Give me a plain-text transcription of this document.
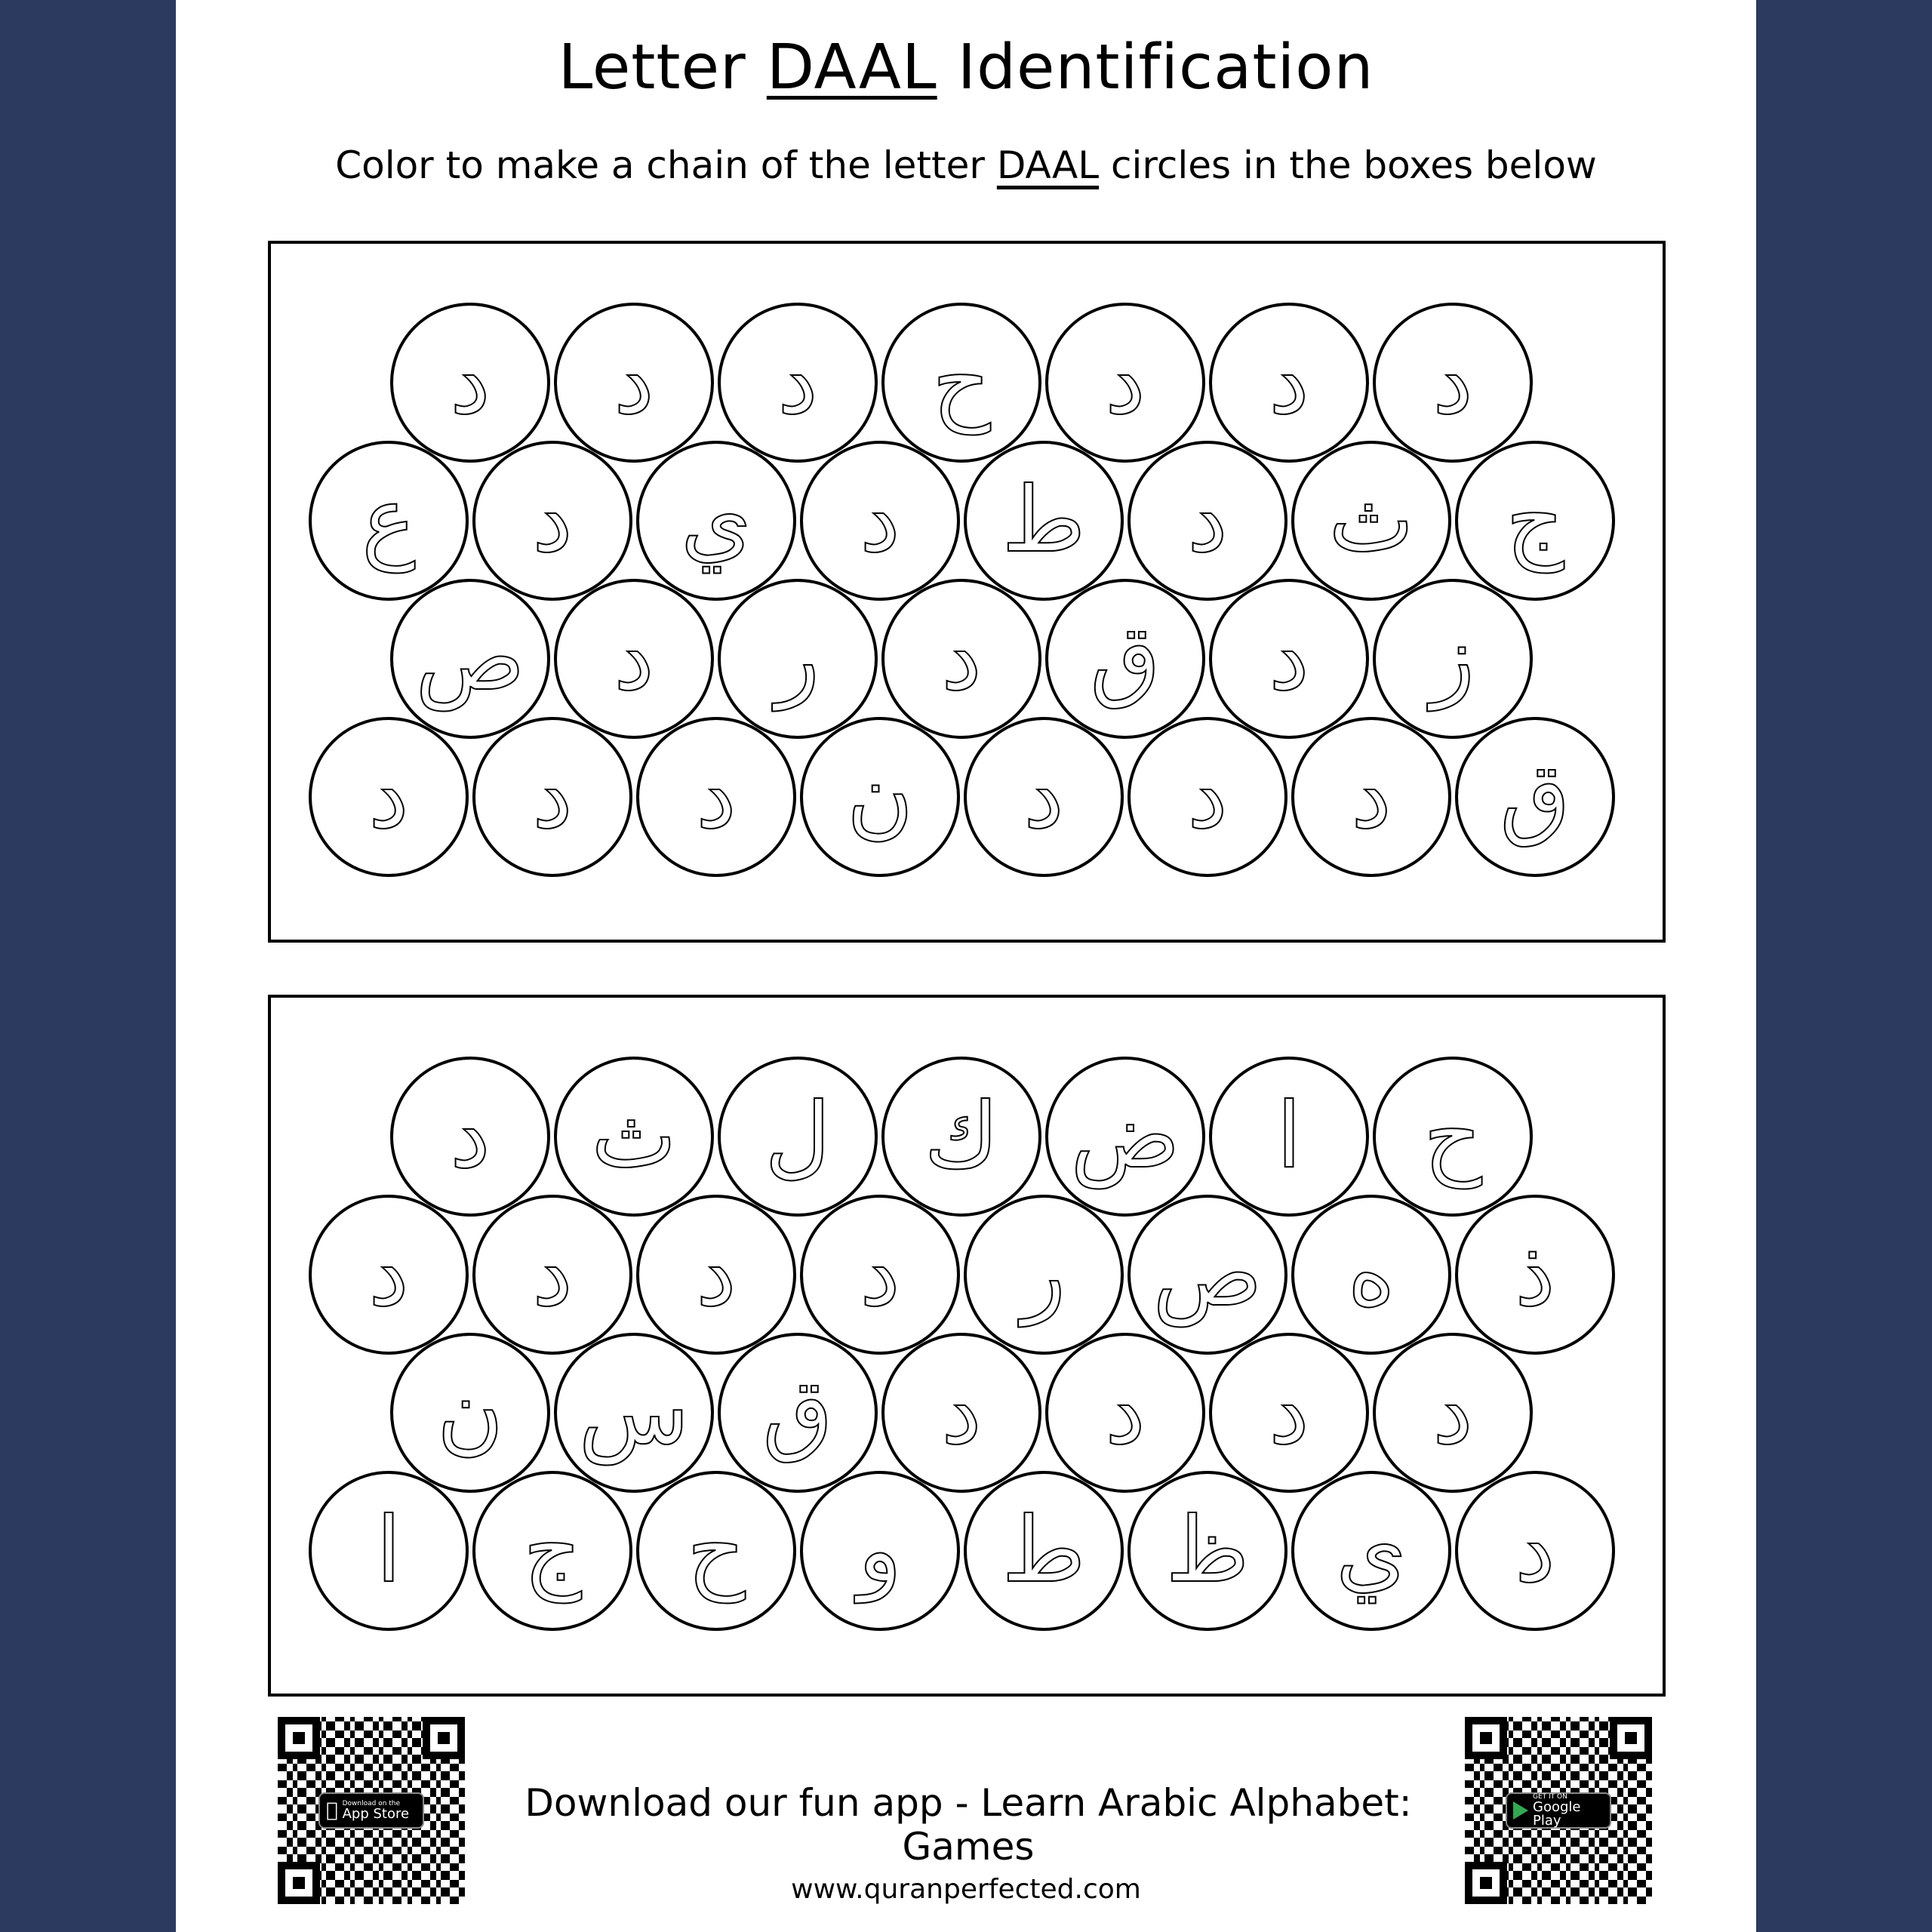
Letter DAAL Identification
Color to make a chain of the letter DAAL circles in the boxes below
د د د ح د د د
ع د ي د ط د ث ج
ص د ر د ق د ز
د د د ن د د د ق
د ث ل ك ض ا ح
د د د د ر ص ه ذ
ن س ق د د د د
ا ج ح و ط ظ ي د
Download on the
App Store	Download our fun app - Learn Arabic Alphabet: Games
GET IT ON
Google Play
www.quranperfected.com
